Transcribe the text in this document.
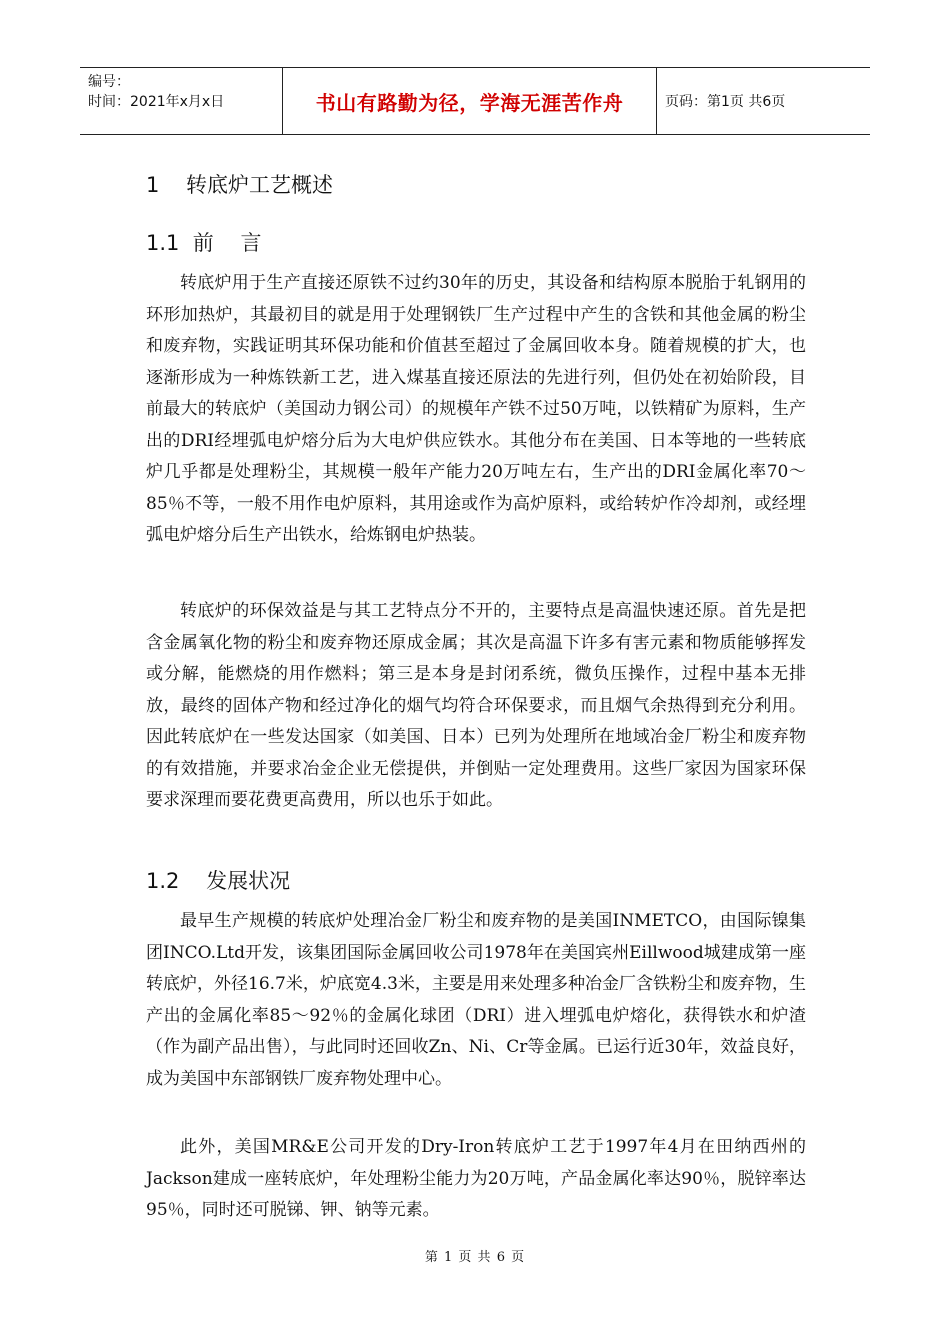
编号：
时间：2021年x月x日	书山有路勤为径，学海无涯苦作舟	页码：第1页 共6页
1    转底炉工艺概述
1.1  前    言

转底炉用于生产直接还原铁不过约30年的历史，其设备和结构原本脱胎于轧钢用的环形加热炉，其最初目的就是用于处理钢铁厂生产过程中产生的含铁和其他金属的粉尘和废弃物，实践证明其环保功能和价值甚至超过了金属回收本身。随着规模的扩大，也逐渐形成为一种炼铁新工艺，进入煤基直接还原法的先进行列，但仍处在初始阶段，目前最大的转底炉（美国动力钢公司）的规模年产铁不过50万吨，以铁精矿为原料，生产出的DRI经埋弧电炉熔分后为大电炉供应铁水。其他分布在美国、日本等地的一些转底炉几乎都是处理粉尘，其规模一般年产能力20万吨左右，生产出的DRI金属化率70～85％不等，一般不用作电炉原料，其用途或作为高炉原料，或给转炉作冷却剂，或经埋弧电炉熔分后生产出铁水，给炼钢电炉热装。

转底炉的环保效益是与其工艺特点分不开的，主要特点是高温快速还原。首先是把含金属氧化物的粉尘和废弃物还原成金属；其次是高温下许多有害元素和物质能够挥发或分解，能燃烧的用作燃料；第三是本身是封闭系统，微负压操作，过程中基本无排放，最终的固体产物和经过净化的烟气均符合环保要求，而且烟气余热得到充分利用。因此转底炉在一些发达国家（如美国、日本）已列为处理所在地域冶金厂粉尘和废弃物的有效措施，并要求冶金企业无偿提供，并倒贴一定处理费用。这些厂家因为国家环保要求深理而要花费更高费用，所以也乐于如此。

1.2    发展状况

最早生产规模的转底炉处理冶金厂粉尘和废弃物的是美国INMETCO，由国际镍集团INCO.Ltd开发，该集团国际金属回收公司1978年在美国宾州Eillwood城建成第一座转底炉，外径16.7米，炉底宽4.3米，主要是用来处理多种冶金厂含铁粉尘和废弃物，生产出的金属化率85～92％的金属化球团（DRI）进入埋弧电炉熔化，获得铁水和炉渣（作为副产品出售），与此同时还回收Zn、Ni、Cr等金属。已运行近30年，效益良好，成为美国中东部钢铁厂废弃物处理中心。

此外，美国MR&E公司开发的Dry-Iron转底炉工艺于1997年4月在田纳西州的Jackson建成一座转底炉，年处理粉尘能力为20万吨，产品金属化率达90％，脱锌率达95％，同时还可脱锑、钾、钠等元素。

第 1 页 共 6 页
